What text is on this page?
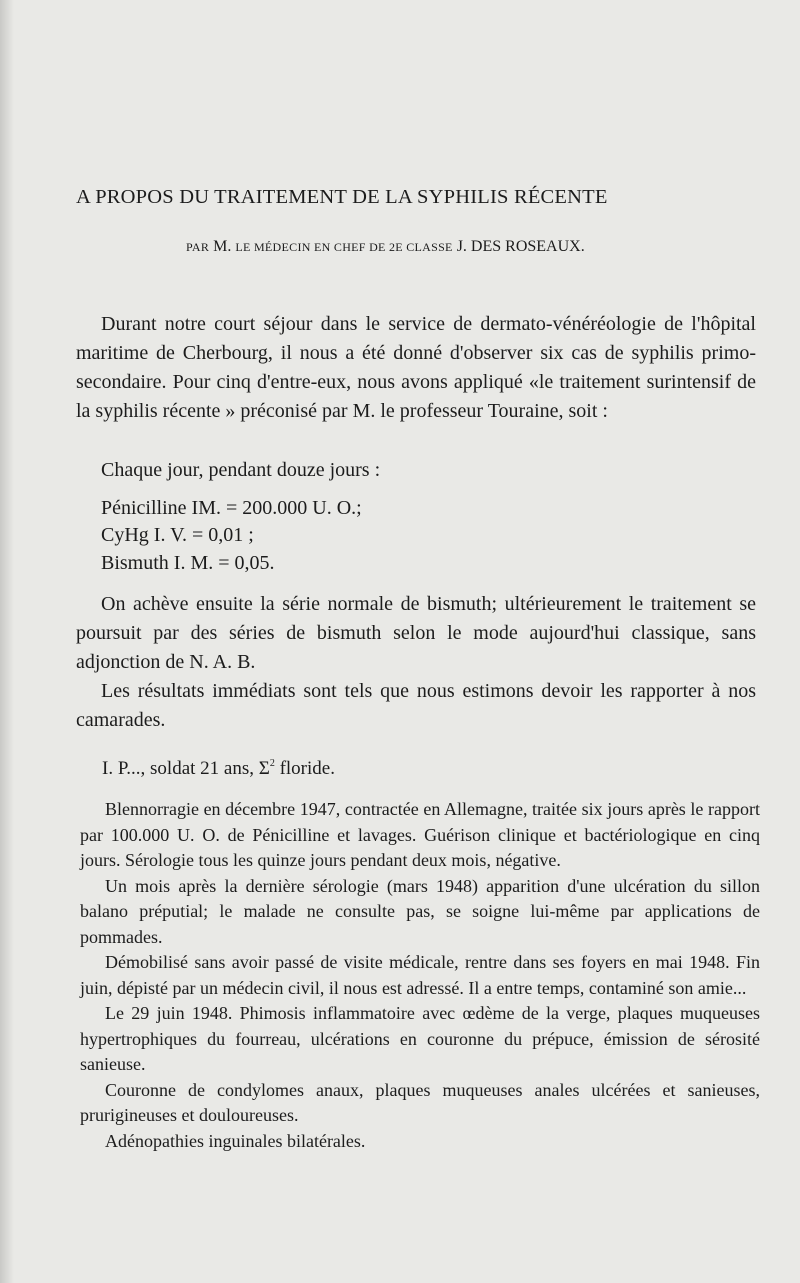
A PROPOS DU TRAITEMENT DE LA SYPHILIS RÉCENTE
PAR M. LE MÉDECIN EN CHEF DE 2E CLASSE J. DES ROSEAUX.

Durant notre court séjour dans le service de dermato-vénéréologie de l'hôpital maritime de Cherbourg, il nous a été donné d'observer six cas de syphilis primo-secondaire. Pour cinq d'entre-eux, nous avons appliqué «le traitement surintensif de la syphilis récente » préconisé par M. le professeur Touraine, soit :

Chaque jour, pendant douze jours :

Pénicilline IM. = 200.000 U. O.;

CyHg I. V. = 0,01 ;

Bismuth I. M. = 0,05.

On achève ensuite la série normale de bismuth; ultérieurement le traitement se poursuit par des séries de bismuth selon le mode aujourd'hui classique, sans adjonction de N. A. B.

Les résultats immédiats sont tels que nous estimons devoir les rapporter à nos camarades.

I. P..., soldat 21 ans, $\Sigma^2$ floride.

Blennorragie en décembre 1947, contractée en Allemagne, traitée six jours après le rapport par 100.000 U. O. de Pénicilline et lavages. Guérison clinique et bactériologique en cinq jours. Sérologie tous les quinze jours pendant deux mois, négative.

Un mois après la dernière sérologie (mars 1948) apparition d'une ulcération du sillon balano préputial; le malade ne consulte pas, se soigne lui-même par applications de pommades.

Démobilisé sans avoir passé de visite médicale, rentre dans ses foyers en mai 1948. Fin juin, dépisté par un médecin civil, il nous est adressé. Il a entre temps, contaminé son amie...

Le 29 juin 1948. Phimosis inflammatoire avec œdème de la verge, plaques muqueuses hypertrophiques du fourreau, ulcérations en couronne du prépuce, émission de sérosité sanieuse.

Couronne de condylomes anaux, plaques muqueuses anales ulcérées et sanieuses, prurigineuses et douloureuses.

Adénopathies inguinales bilatérales.
